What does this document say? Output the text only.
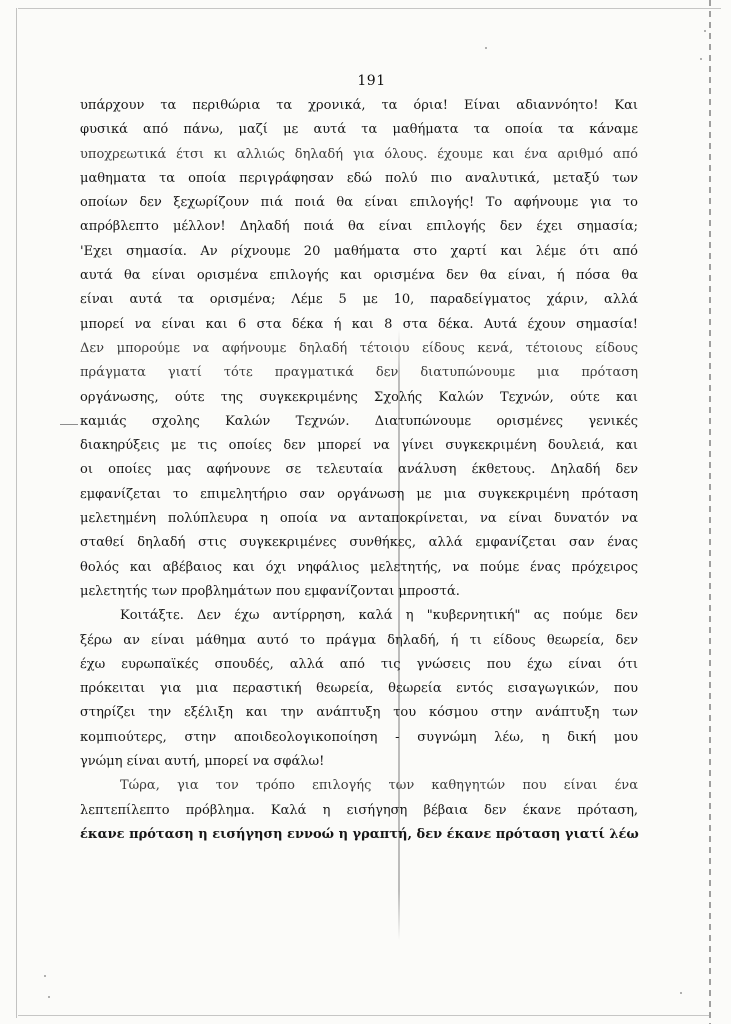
191
υπάρχουν τα περιθώρια τα χρονικά, τα όρια! Είναι αδιαννόητο! Και
φυσικά από πάνω, μαζί με αυτά τα μαθήματα τα οποία τα κάναμε
υποχρεωτικά έτσι κι αλλιώς δηλαδή για όλους. έχουμε και ένα αριθμό από
μαθηματα τα οποία περιγράφησαν εδώ πολύ πιο αναλυτικά, μεταξύ των
οποίων δεν ξεχωρίζουν πιά ποιά θα είναι επιλογής! Το αφήνουμε για το
απρόβλεπτο μέλλον! Δηλαδή ποιά θα είναι επιλογής δεν έχει σημασία;
'Εχει σημασία. Αν ρίχνουμε 20 μαθήματα στο χαρτί και λέμε ότι από
αυτά θα είναι ορισμένα επιλογής και ορισμένα δεν θα είναι, ή πόσα θα
είναι αυτά τα ορισμένα; Λέμε 5 με 10, παραδείγματος χάριν, αλλά
μπορεί να είναι και 6 στα δέκα ή και 8 στα δέκα. Αυτά έχουν σημασία!
Δεν μπορούμε να αφήνουμε δηλαδή τέτοιου είδους κενά, τέτοιους είδους
πράγματα γιατί τότε πραγματικά δεν διατυπώνουμε μια πρόταση
οργάνωσης, ούτε της συγκεκριμένης Σχολής Καλών Τεχνών, ούτε και
καμιάς σχολης Καλών Τεχνών. Διατυπώνουμε ορισμένες γενικές
διακηρύξεις με τις οποίες δεν μπορεί να γίνει συγκεκριμένη δουλειά, και
οι οποίες μας αφήνουνε σε τελευταία ανάλυση έκθετους. Δηλαδή δεν
εμφανίζεται το επιμελητήριο σαν οργάνωση με μια συγκεκριμένη πρόταση
μελετημένη πολύπλευρα η οποία να ανταποκρίνεται, να είναι δυνατόν να
σταθεί δηλαδή στις συγκεκριμένες συνθήκες, αλλά εμφανίζεται σαν ένας
θολός και αβέβαιος και όχι νηφάλιος μελετητής, να πούμε ένας πρόχειρος
μελετητής των προβλημάτων που εμφανίζονται μπροστά.
Κοιτάξτε. Δεν έχω αντίρρηση, καλά η "κυβερνητική" ας πούμε δεν
ξέρω αν είναι μάθημα αυτό το πράγμα δηλαδή, ή τι είδους θεωρεία, δεν
έχω ευρωπαϊκές σπουδές, αλλά από τις γνώσεις που έχω είναι ότι
πρόκειται για μια περαστική θεωρεία, θεωρεία εντός εισαγωγικών, που
στηρίζει την εξέλιξη και την ανάπτυξη του κόσμου στην ανάπτυξη των
κομπιούτερς, στην αποιδεολογικοποίηση - συγνώμη λέω, η δική μου
γνώμη είναι αυτή, μπορεί να σφάλω!
Τώρα, για τον τρόπο επιλογής των καθηγητών που είναι ένα
λεπτεπίλεπτο πρόβλημα. Καλά η εισήγηση βέβαια δεν έκανε πρόταση,
έκανε πρόταση η εισήγηση εννοώ η γραπτή, δεν έκανε πρόταση γιατί λέω
